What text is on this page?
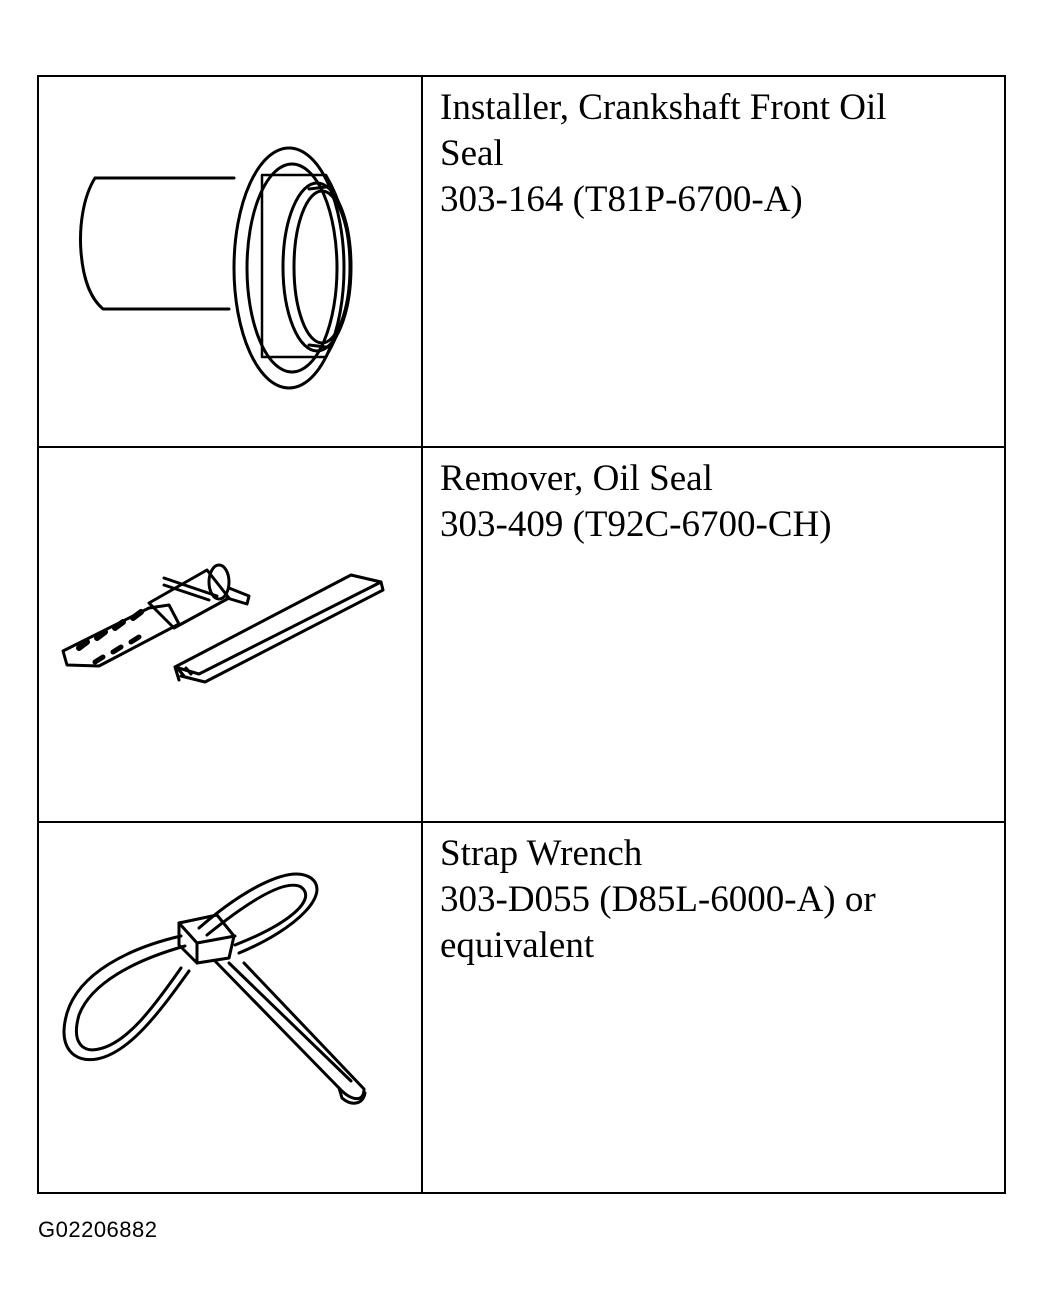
Installer, Crankshaft Front Oil
Seal
303-164 (T81P-6700-A)
Remover, Oil Seal
303-409 (T92C-6700-CH)
Strap Wrench
303-D055 (D85L-6000-A) or
equivalent
G02206882
